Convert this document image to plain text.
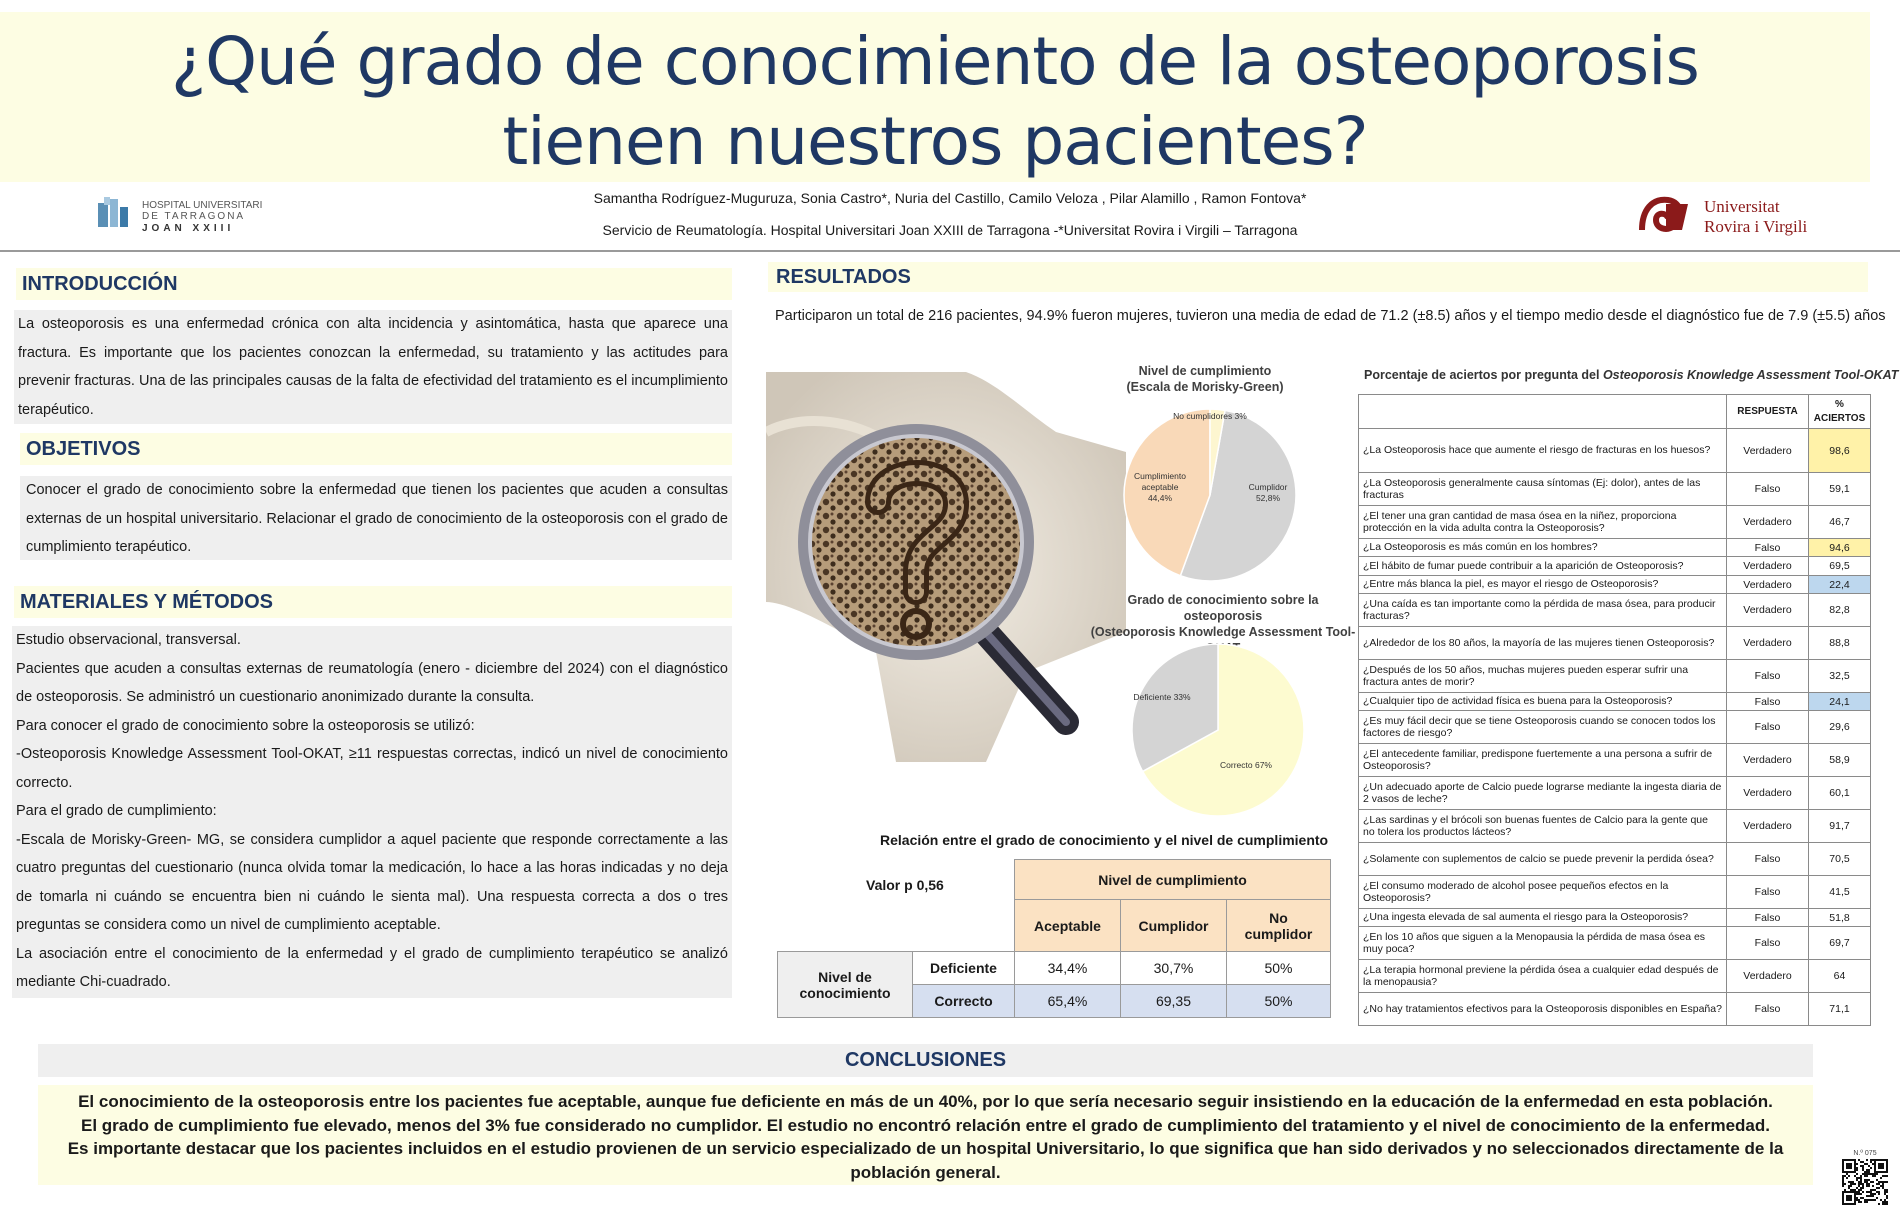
¿Qué grado de conocimiento de la osteoporosis
tienen nuestros pacientes?
HOSPITAL UNIVERSITARI
DE TARRAGONA
JOAN XXIII
Samantha Rodríguez-Muguruza, Sonia Castro*, Nuria del Castillo, Camilo Veloza , Pilar Alamillo , Ramon Fontova*
Servicio de Reumatología. Hospital Universitari Joan XXIII de Tarragona -*Universitat Rovira i Virgili – Tarragona
Universitat
Rovira i Virgili
INTRODUCCIÓN

La osteoporosis es una enfermedad crónica con alta incidencia y asintomática, hasta que aparece una fractura. Es importante que los pacientes conozcan la enfermedad, su tratamiento y las actitudes para prevenir fracturas. Una de las principales causas de la falta de efectividad del tratamiento es el incumplimiento terapéutico.

OBJETIVOS

Conocer el grado de conocimiento sobre la enfermedad que tienen los pacientes que acuden a consultas externas de un hospital universitario. Relacionar el grado de conocimiento de la osteoporosis con el grado de cumplimiento terapéutico.

MATERIALES Y MÉTODOS

Estudio observacional, transversal.

Pacientes que acuden a consultas externas de reumatología (enero - diciembre del 2024) con el diagnóstico de osteoporosis. Se administró un cuestionario anonimizado durante la consulta.

Para conocer el grado de conocimiento sobre la osteoporosis se utilizó:

-Osteoporosis Knowledge Assessment Tool-OKAT, ≥11 respuestas correctas, indicó un nivel de conocimiento correcto.

Para el grado de cumplimiento:

-Escala de Morisky-Green- MG, se considera cumplidor a aquel paciente que responde correctamente a las cuatro preguntas del cuestionario (nunca olvida tomar la medicación, lo hace a las horas indicadas y no deja de tomarla ni cuándo se encuentra bien ni cuándo le sienta mal). Una respuesta correcta a dos o tres preguntas se considera como un nivel de cumplimiento aceptable.

La asociación entre el conocimiento de la enfermedad y el grado de cumplimiento terapéutico se analizó mediante Chi-cuadrado.

RESULTADOS
Participaron un total de 216 pacientes, 94.9% fueron mujeres, tuvieron una media de edad de 71.2 (±8.5) años y el tiempo medio desde el diagnóstico fue de 7.9 (±5.5) años
Nivel de cumplimiento
(Escala de Morisky-Green)
Cumplidor
52,8%
Cumplimiento
aceptable
44,4%
No cumplidores 3%
Grado de conocimiento sobre la osteoporosis
(Osteoporosis Knowledge Assessment Tool-
Correcto 67%
Deficiente 33%
Relación entre el grado de conocimiento y el nivel de cumplimiento
Valor p 0,56
			Nivel de cumplimiento		
		Aceptable	Cumplidor	No cumplidor
Nivel de conocimiento	Deficiente	34,4%	30,7%	50%
	Correcto	65,4%	69,35	50%
Porcentaje de aciertos por pregunta del Osteoporosis Knowledge Assessment Tool-OKAT
	RESPUESTA	% ACIERTOS
¿La Osteoporosis hace que aumente el riesgo de fracturas en los huesos?	Verdadero	98,6
¿La Osteoporosis generalmente causa síntomas (Ej: dolor), antes de las fracturas	Falso	59,1
¿El tener una gran cantidad de masa ósea en la niñez, proporciona protección en la vida adulta contra la Osteoporosis?	Verdadero	46,7
¿La Osteoporosis es más común en los hombres?	Falso	94,6
¿El hábito de fumar puede contribuir a la aparición de Osteoporosis?	Verdadero	69,5
¿Entre más blanca la piel, es mayor el riesgo de Osteoporosis?	Verdadero	22,4
¿Una caída es tan importante como la pérdida de masa ósea, para producir fracturas?	Verdadero	82,8
¿Alrededor de los 80 años, la mayoría de las mujeres tienen Osteoporosis?	Verdadero	88,8
¿Después de los 50 años, muchas mujeres pueden esperar sufrir una fractura antes de morir?	Falso	32,5
¿Cualquier tipo de actividad física es buena para la Osteoporosis?	Falso	24,1
¿Es muy fácil decir que se tiene Osteoporosis cuando se conocen todos los factores de riesgo?	Falso	29,6
¿El antecedente familiar, predispone fuertemente a una persona a sufrir de Osteoporosis?	Verdadero	58,9
¿Un adecuado aporte de Calcio puede lograrse mediante la ingesta diaria de 2 vasos de leche?	Verdadero	60,1
¿Las sardinas y el brócoli son buenas fuentes de Calcio para la gente que no tolera los productos lácteos?	Verdadero	91,7
¿Solamente con suplementos de calcio se puede prevenir la perdida ósea?	Falso	70,5
¿El consumo moderado de alcohol posee pequeños efectos en la Osteoporosis?	Falso	41,5
¿Una ingesta elevada de sal aumenta el riesgo para la Osteoporosis?	Falso	51,8
¿En los 10 años que siguen a la Menopausia la pérdida de masa ósea es muy poca?	Falso	69,7
¿La terapia hormonal previene la pérdida ósea a cualquier edad después de la menopausia?	Verdadero	64
¿No hay tratamientos efectivos para la Osteoporosis disponibles en España?	Falso	71,1
CONCLUSIONES
El conocimiento de la osteoporosis entre los pacientes fue aceptable, aunque fue deficiente en más de un 40%, por lo que sería necesario seguir insistiendo en la educación de la enfermedad en esta población.
El grado de cumplimiento fue elevado, menos del 3% fue considerado no cumplidor. El estudio no encontró relación entre el grado de cumplimiento del tratamiento y el nivel de conocimiento de la enfermedad.
Es importante destacar que los pacientes incluidos en el estudio provienen de un servicio especializado de un hospital Universitario, lo que significa que han sido derivados y no seleccionados directamente de la población general.
N.º 075
